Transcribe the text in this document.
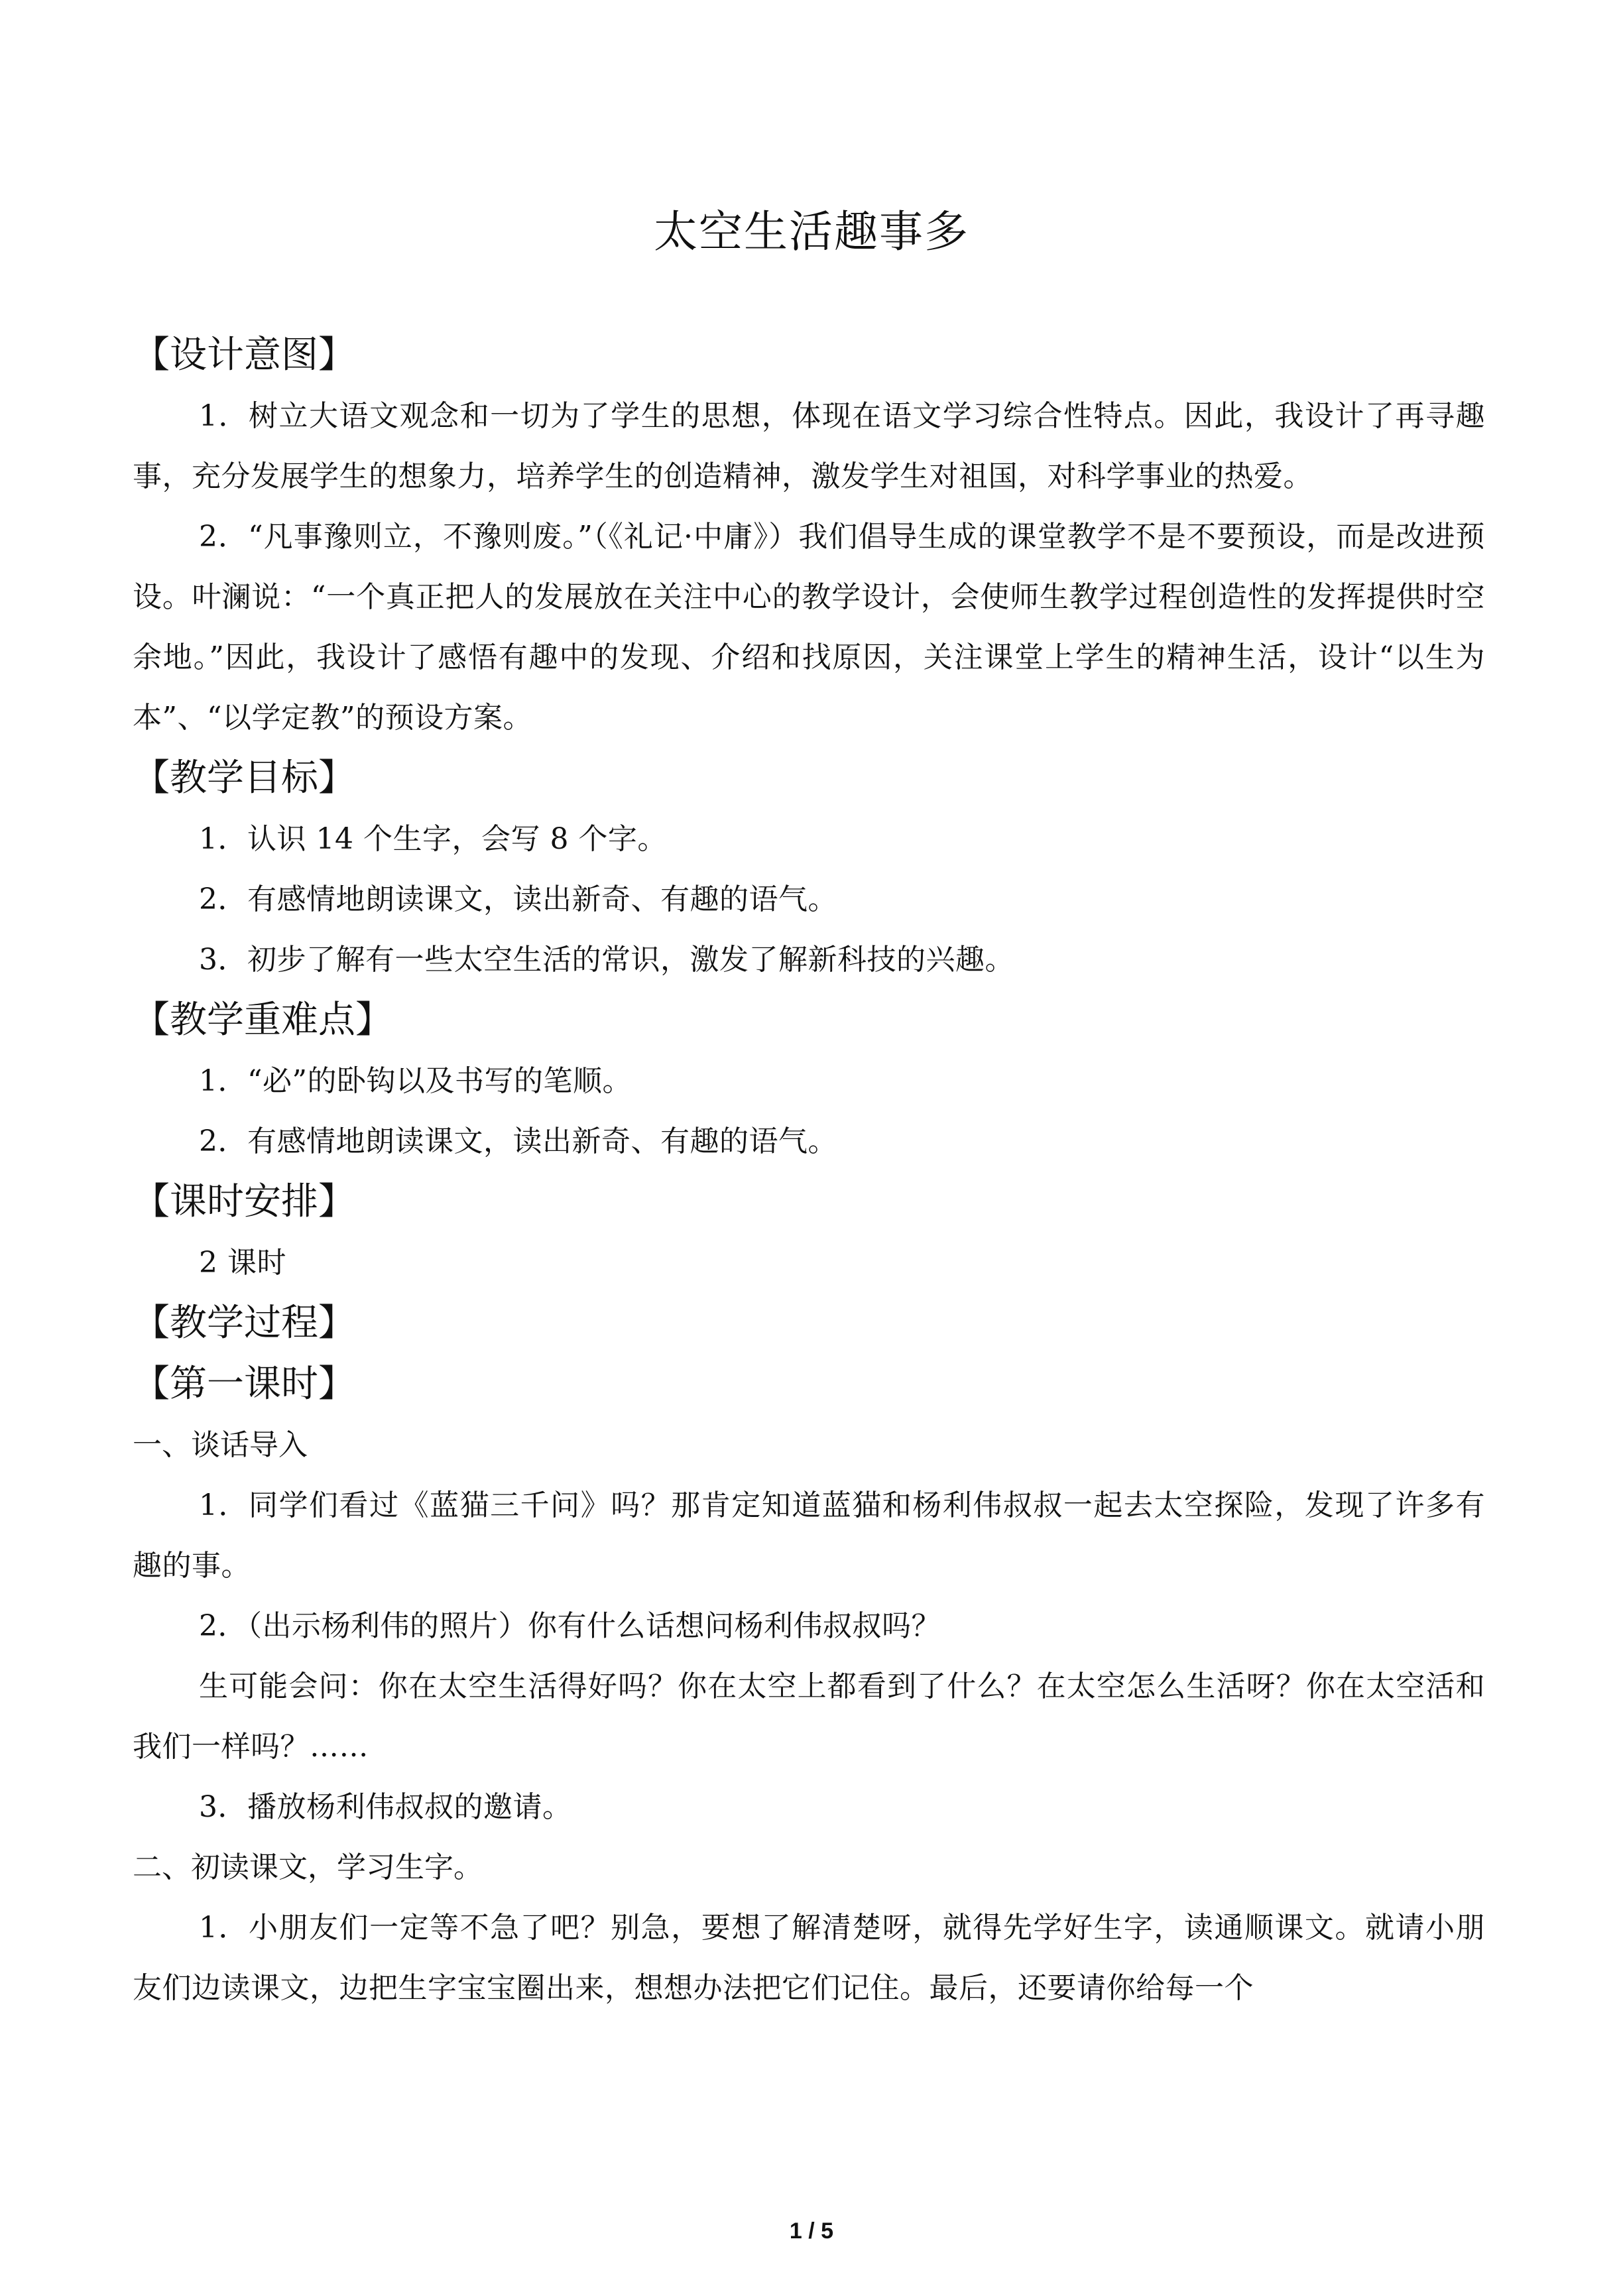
太空生活趣事多
【设计意图】

1．树立大语文观念和一切为了学生的思想，体现在语文学习综合性特点。因此，我设计了再寻趣事，充分发展学生的想象力，培养学生的创造精神，激发学生对祖国，对科学事业的热爱。

2．“凡事豫则立，不豫则废。”（《礼记·中庸》）我们倡导生成的课堂教学不是不要预设，而是改进预设。叶澜说：“一个真正把人的发展放在关注中心的教学设计，会使师生教学过程创造性的发挥提供时空余地。”因此，我设计了感悟有趣中的发现、介绍和找原因，关注课堂上学生的精神生活，设计“以生为本”、“以学定教”的预设方案。

【教学目标】

1．认识 14 个生字，会写 8 个字。

2．有感情地朗读课文，读出新奇、有趣的语气。

3．初步了解有一些太空生活的常识，激发了解新科技的兴趣。

【教学重难点】

1．“必”的卧钩以及书写的笔顺。

2．有感情地朗读课文，读出新奇、有趣的语气。

【课时安排】

2 课时

【教学过程】
【第一课时】

一、谈话导入

1．同学们看过《蓝猫三千问》吗？那肯定知道蓝猫和杨利伟叔叔一起去太空探险，发现了许多有趣的事。

2．（出示杨利伟的照片）你有什么话想问杨利伟叔叔吗？

生可能会问：你在太空生活得好吗？你在太空上都看到了什么？在太空怎么生活呀？你在太空活和我们一样吗？……

3．播放杨利伟叔叔的邀请。

二、初读课文，学习生字。

1．小朋友们一定等不急了吧？别急，要想了解清楚呀，就得先学好生字，读通顺课文。就请小朋友们边读课文，边把生字宝宝圈出来，想想办法把它们记住。最后，还要请你给每一个

1 / 5
